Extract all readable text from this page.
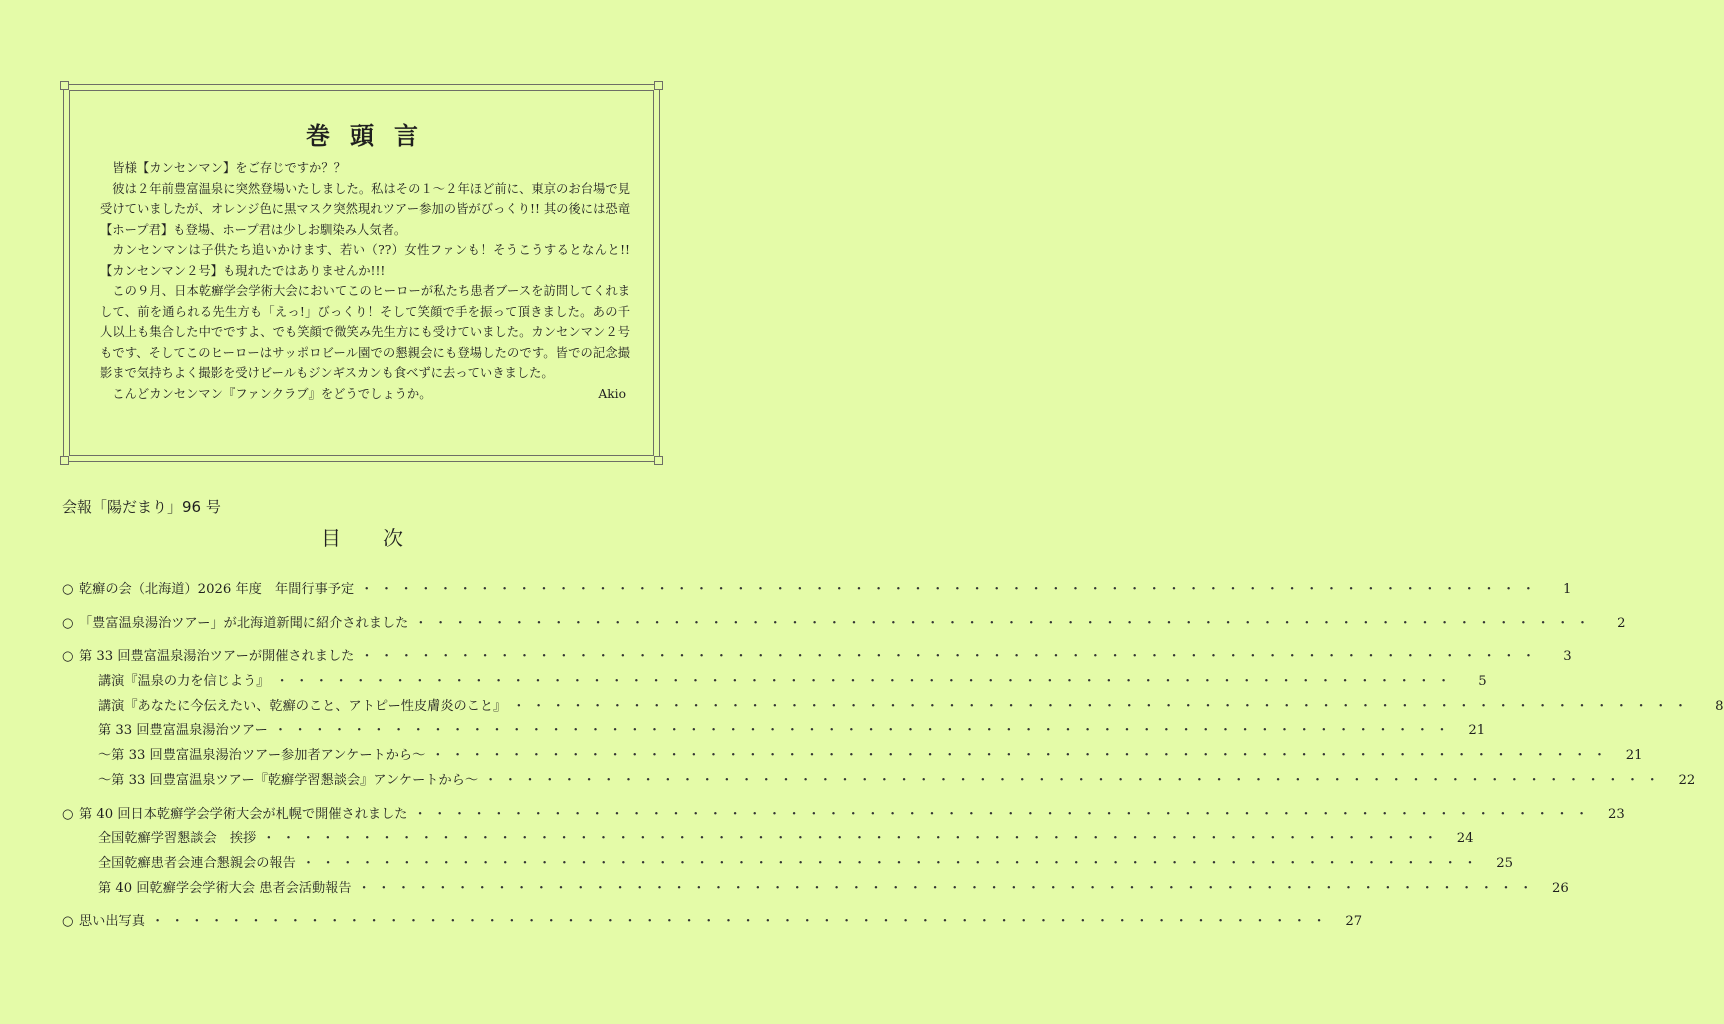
巻頭言

皆様【カンセンマン】をご存じですか？？

彼は２年前豊富温泉に突然登場いたしました。私はその１～２年ほど前に、東京のお台場で見受けていましたが、オレンジ色に黒マスク突然現れツアー参加の皆がびっくり!! 其の後には恐竜【ホープ君】も登場、ホープ君は少しお馴染み人気者。

カンセンマンは子供たち追いかけます、若い（??）女性ファンも！そうこうするとなんと!! 【カンセンマン２号】も現れたではありませんか!!!

この９月、日本乾癬学会学術大会においてこのヒーローが私たち患者ブースを訪問してくれまして、前を通られる先生方も「えっ!」びっくり！そして笑顔で手を振って頂きました。あの千人以上も集合した中でですよ、でも笑顔で微笑み先生方にも受けていました。カンセンマン２号もです、そしてこのヒーローはサッポロビール園での懇親会にも登場したのです。皆での記念撮影まで気持ちよく撮影を受けビールもジンギスカンも食べずに去っていきました。

こんどカンセンマン『ファンクラブ』をどうでしょうか。	Akio

会報「陽だまり」96 号
目次
○ 乾癬の会（北海道）2026 年度　年間行事予定 ・・・・・・・・・・・・・・・・・・・・・・・・・・・・・・・・・・・・・・・・・・・・・・・・・・・・・・・・・・・・	1
○ 「豊富温泉湯治ツアー」が北海道新聞に紹介されました ・・・・・・・・・・・・・・・・・・・・・・・・・・・・・・・・・・・・・・・・・・・・・・・・・・・・・・・・・・・・	2
○ 第 33 回豊富温泉湯治ツアーが開催されました ・・・・・・・・・・・・・・・・・・・・・・・・・・・・・・・・・・・・・・・・・・・・・・・・・・・・・・・・・・・・	3
講演『温泉の力を信じよう』 ・・・・・・・・・・・・・・・・・・・・・・・・・・・・・・・・・・・・・・・・・・・・・・・・・・・・・・・・・・・・	5
講演『あなたに今伝えたい、乾癬のこと、アトピー性皮膚炎のこと』 ・・・・・・・・・・・・・・・・・・・・・・・・・・・・・・・・・・・・・・・・・・・・・・・・・・・・・・・・・・・・	8
第 33 回豊富温泉湯治ツアー ・・・・・・・・・・・・・・・・・・・・・・・・・・・・・・・・・・・・・・・・・・・・・・・・・・・・・・・・・・・・	21
～第 33 回豊富温泉湯治ツアー参加者アンケートから～ ・・・・・・・・・・・・・・・・・・・・・・・・・・・・・・・・・・・・・・・・・・・・・・・・・・・・・・・・・・・・	21
～第 33 回豊富温泉ツアー『乾癬学習懇談会』アンケートから～ ・・・・・・・・・・・・・・・・・・・・・・・・・・・・・・・・・・・・・・・・・・・・・・・・・・・・・・・・・・・・	22
○ 第 40 回日本乾癬学会学術大会が札幌で開催されました ・・・・・・・・・・・・・・・・・・・・・・・・・・・・・・・・・・・・・・・・・・・・・・・・・・・・・・・・・・・・	23
全国乾癬学習懇談会　挨拶 ・・・・・・・・・・・・・・・・・・・・・・・・・・・・・・・・・・・・・・・・・・・・・・・・・・・・・・・・・・・・	24
全国乾癬患者会連合懇親会の報告 ・・・・・・・・・・・・・・・・・・・・・・・・・・・・・・・・・・・・・・・・・・・・・・・・・・・・・・・・・・・・	25
第 40 回乾癬学会学術大会 患者会活動報告 ・・・・・・・・・・・・・・・・・・・・・・・・・・・・・・・・・・・・・・・・・・・・・・・・・・・・・・・・・・・・	26
○ 思い出写真 ・・・・・・・・・・・・・・・・・・・・・・・・・・・・・・・・・・・・・・・・・・・・・・・・・・・・・・・・・・・・	27
